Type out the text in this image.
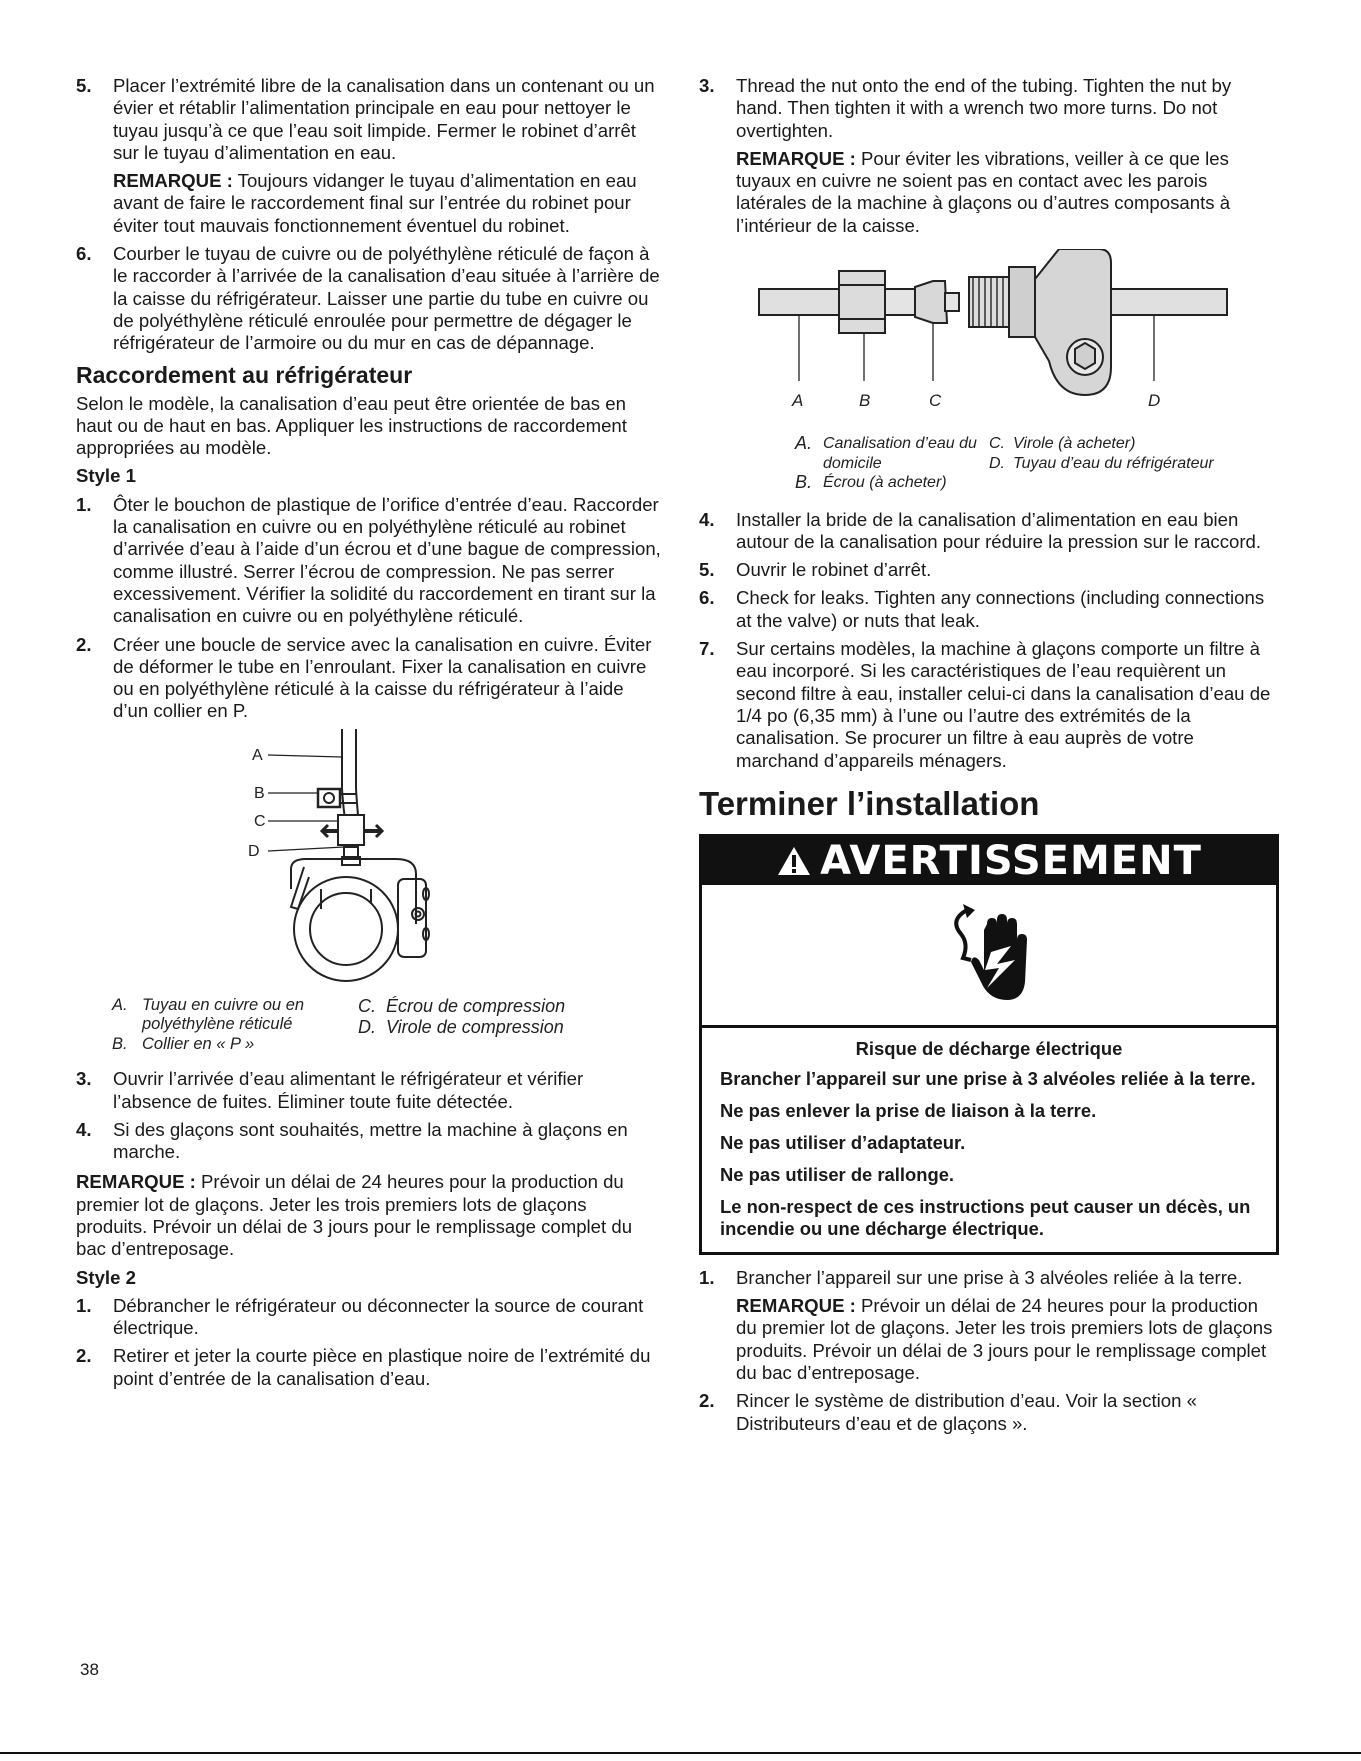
5.	Placer l’extrémité libre de la canalisation dans un contenant ou un évier et rétablir l’alimentation principale en eau pour nettoyer le tuyau jusqu’à ce que l’eau soit limpide. Fermer le robinet d’arrêt sur le tuyau d’alimentation en eau.

REMARQUE : Toujours vidanger le tuyau d’alimentation en eau avant de faire le raccordement final sur l’entrée du robinet pour éviter tout mauvais fonctionnement éventuel du robinet.

6.	Courber le tuyau de cuivre ou de polyéthylène réticulé de façon à le raccorder à l’arrivée de la canalisation d’eau située à l’arrière de la caisse du réfrigérateur. Laisser une partie du tube en cuivre ou de polyéthylène réticulé enroulée pour permettre de dégager le réfrigérateur de l’armoire ou du mur en cas de dépannage.

Raccordement au réfrigérateur

Selon le modèle, la canalisation d’eau peut être orientée de bas en haut ou de haut en bas. Appliquer les instructions de raccordement appropriées au modèle.

Style 1
1.	Ôter le bouchon de plastique de l’orifice d’entrée d’eau. Raccorder la canalisation en cuivre ou en polyéthylène réticulé au robinet d’arrivée d’eau à l’aide d’un écrou et d’une bague de compression, comme illustré. Serrer l’écrou de compression. Ne pas serrer excessivement. Vérifier la solidité du raccordement en tirant sur la canalisation en cuivre ou en polyéthylène réticulé.

2.	Créer une boucle de service avec la canalisation en cuivre. Éviter de déformer le tube en l’enroulant. Fixer la canalisation en cuivre ou en polyéthylène réticulé à la caisse du réfrigérateur à l’aide d’un collier en P.

A
B
C
D
A. Tuyau en cuivre ou en polyéthylène réticulé
B. Collier en « P »
C. Écrou de compression
D. Virole de compression
3.	Ouvrir l’arrivée d’eau alimentant le réfrigérateur et vérifier l’absence de fuites. Éliminer toute fuite détectée.

4.	Si des glaçons sont souhaités, mettre la machine à glaçons en marche.

REMARQUE : Prévoir un délai de 24 heures pour la production du premier lot de glaçons. Jeter les trois premiers lots de glaçons produits. Prévoir un délai de 3 jours pour le remplissage complet du bac d’entreposage.

Style 2
1.	Débrancher le réfrigérateur ou déconnecter la source de courant électrique.

2.	Retirer et jeter la courte pièce en plastique noire de l’extrémité du point d’entrée de la canalisation d’eau.

3.	Thread the nut onto the end of the tubing. Tighten the nut by hand. Then tighten it with a wrench two more turns. Do not overtighten.

REMARQUE : Pour éviter les vibrations, veiller à ce que les tuyaux en cuivre ne soient pas en contact avec les parois latérales de la machine à glaçons ou d’autres composants à l’intérieur de la caisse.

A	B	C	D
A. Canalisation d’eau du domicile
B. Écrou (à acheter)
C. Virole (à acheter)
D. Tuyau d’eau du réfrigérateur
4.	Installer la bride de la canalisation d’alimentation en eau bien autour de la canalisation pour réduire la pression sur le raccord.

5.	Ouvrir le robinet d’arrêt.

6.	Check for leaks. Tighten any connections (including connections at the valve) or nuts that leak.

7.	Sur certains modèles, la machine à glaçons comporte un filtre à eau incorporé. Si les caractéristiques de l’eau requièrent un second filtre à eau, installer celui-ci dans la canalisation d’eau de 1/4 po (6,35 mm) à l’une ou l’autre des extrémités de la canalisation. Se procurer un filtre à eau auprès de votre marchand d’appareils ménagers.

Terminer l’installation
AVERTISSEMENT

Risque de décharge électrique

Brancher l’appareil sur une prise à 3 alvéoles reliée à la terre.

Ne pas enlever la prise de liaison à la terre.

Ne pas utiliser d’adaptateur.

Ne pas utiliser de rallonge.

Le non-respect de ces instructions peut causer un décès, un incendie ou une décharge électrique.

1.	Brancher l’appareil sur une prise à 3 alvéoles reliée à la terre.

REMARQUE : Prévoir un délai de 24 heures pour la production du premier lot de glaçons. Jeter les trois premiers lots de glaçons produits. Prévoir un délai de 3 jours pour le remplissage complet du bac d’entreposage.

2.	Rincer le système de distribution d’eau. Voir la section « Distributeurs d’eau et de glaçons ».

38
